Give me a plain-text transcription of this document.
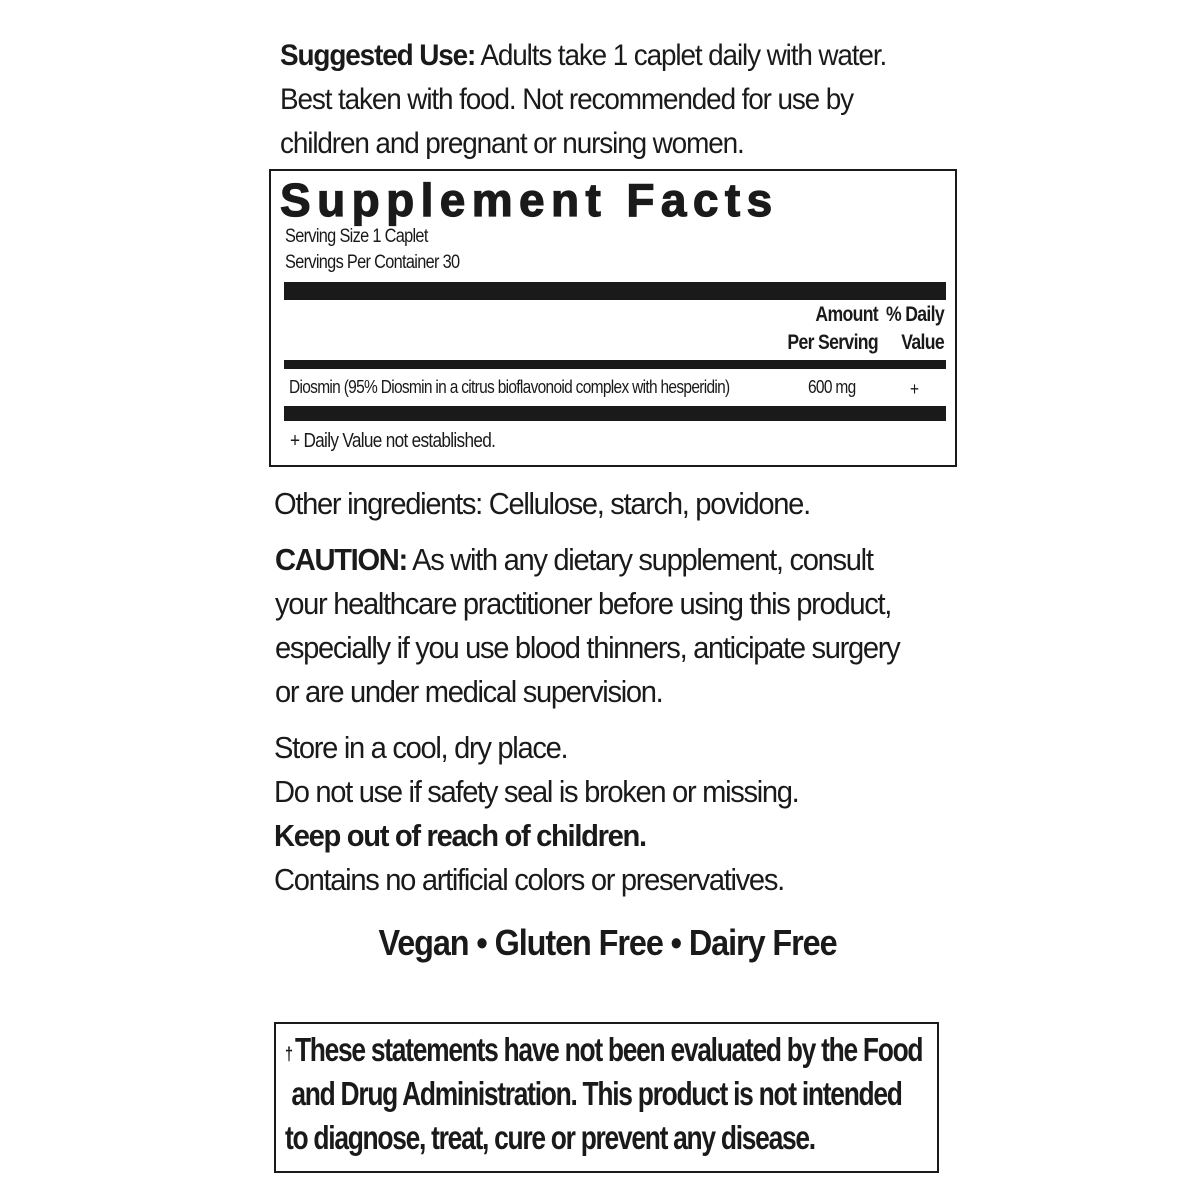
Suggested Use: Adults take 1 caplet daily with water.
Best taken with food. Not recommended for use by
children and pregnant or nursing women.
Supplement Facts
Serving Size 1 Caplet
Servings Per Container 30
Amount
Per Serving
% Daily
Value
Diosmin (95% Diosmin in a citrus bioflavonoid complex with hesperidin)	600 mg	+
+ Daily Value not established.
Other ingredients: Cellulose, starch, povidone.
CAUTION: As with any dietary supplement, consult
your healthcare practitioner before using this product,
especially if you use blood thinners, anticipate surgery
or are under medical supervision.
Store in a cool, dry place.
Do not use if safety seal is broken or missing.
Keep out of reach of children.
Contains no artificial colors or preservatives.
Vegan • Gluten Free • Dairy Free
†These statements have not been evaluated by the Food
and Drug Administration. This product is not intended
to diagnose, treat, cure or prevent any disease.
